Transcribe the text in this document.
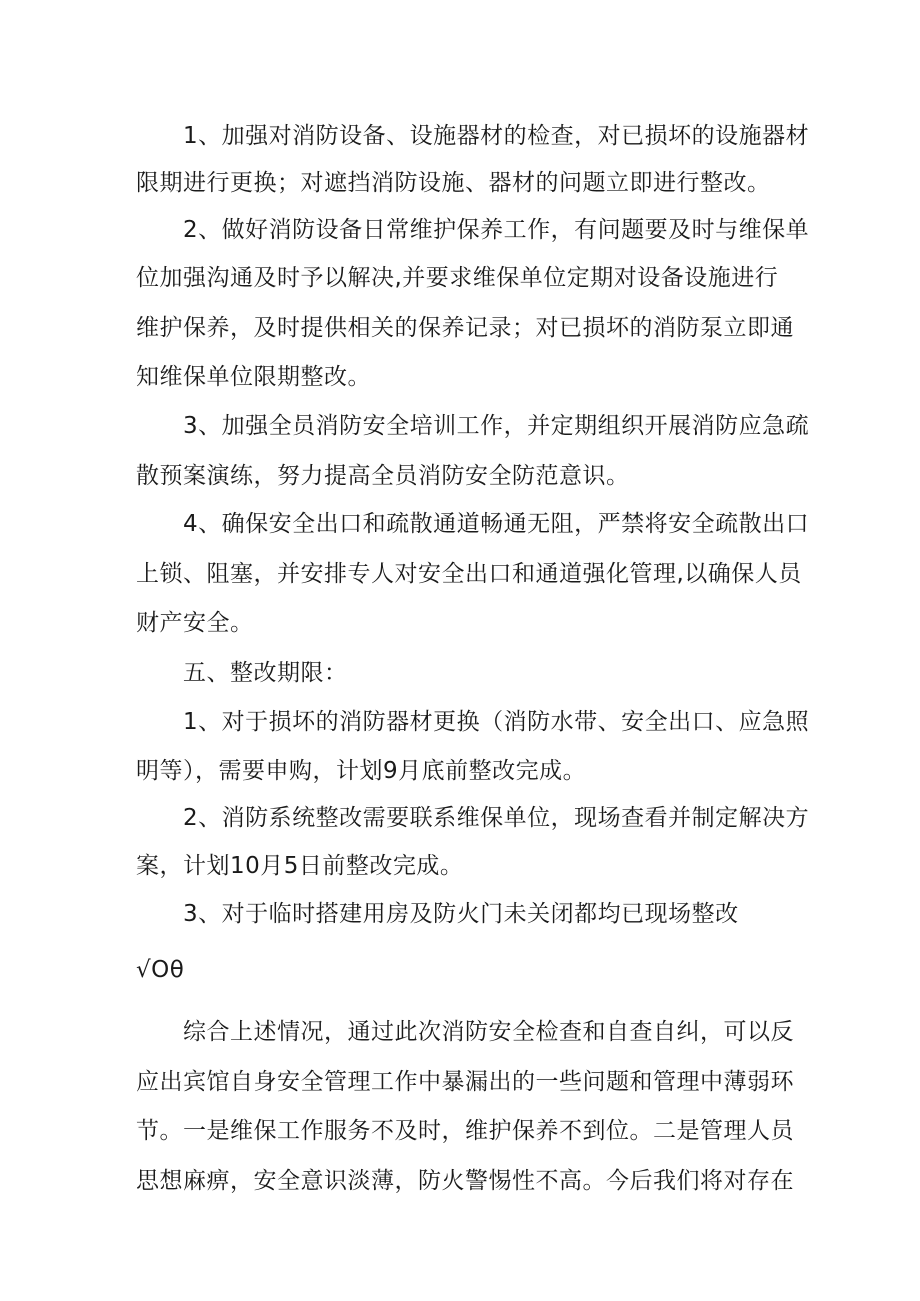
1、加强对消防设备、设施器材的检查，对已损坏的设施器材
限期进行更换；对遮挡消防设施、器材的问题立即进行整改。
2、做好消防设备日常维护保养工作，有问题要及时与维保单
位加强沟通及时予以解决,并要求维保单位定期对设备设施进行
维护保养，及时提供相关的保养记录；对已损坏的消防泵立即通
知维保单位限期整改。
3、加强全员消防安全培训工作，并定期组织开展消防应急疏
散预案演练，努力提高全员消防安全防范意识。
4、确保安全出口和疏散通道畅通无阻，严禁将安全疏散出口
上锁、阻塞，并安排专人对安全出口和通道强化管理,以确保人员
财产安全。
五、整改期限：
1、对于损坏的消防器材更换（消防水带、安全出口、应急照
明等），需要申购，计划9月底前整改完成。
2、消防系统整改需要联系维保单位，现场查看并制定解决方
案，计划10月5日前整改完成。
3、对于临时搭建用房及防火门未关闭都均已现场整改
√Oθ
综合上述情况，通过此次消防安全检查和自查自纠，可以反
应出宾馆自身安全管理工作中暴漏出的一些问题和管理中薄弱环
节。一是维保工作服务不及时，维护保养不到位。二是管理人员
思想麻痹，安全意识淡薄，防火警惕性不高。今后我们将对存在
